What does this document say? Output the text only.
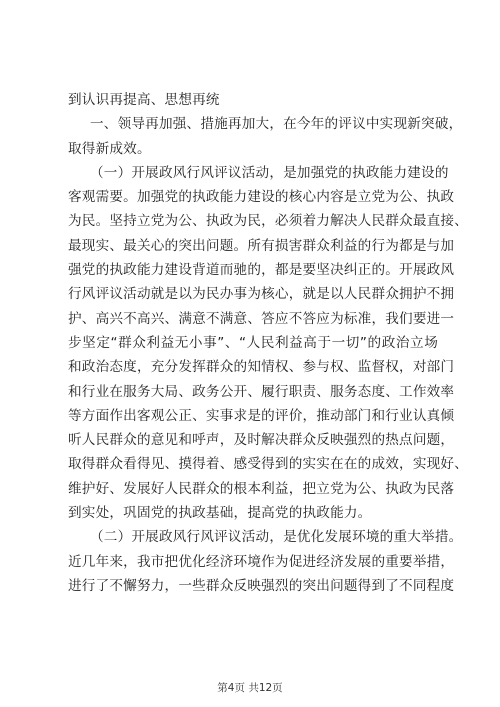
到认识再提高、思想再统
一、领导再加强、措施再加大，在今年的评议中实现新突破，
取得新成效。
（一）开展政风行风评议活动，是加强党的执政能力建设的
客观需要。加强党的执政能力建设的核心内容是立党为公、执政
为民。坚持立党为公、执政为民，必须着力解决人民群众最直接、
最现实、最关心的突出问题。所有损害群众利益的行为都是与加
强党的执政能力建设背道而驰的，都是要坚决纠正的。开展政风
行风评议活动就是以为民办事为核心，就是以人民群众拥护不拥
护、高兴不高兴、满意不满意、答应不答应为标准，我们要进一
步坚定“群众利益无小事”、“人民利益高于一切”的政治立场
和政治态度，充分发挥群众的知情权、参与权、监督权，对部门
和行业在服务大局、政务公开、履行职责、服务态度、工作效率
等方面作出客观公正、实事求是的评价，推动部门和行业认真倾
听人民群众的意见和呼声，及时解决群众反映强烈的热点问题，
取得群众看得见、摸得着、感受得到的实实在在的成效，实现好、
维护好、发展好人民群众的根本利益，把立党为公、执政为民落
到实处，巩固党的执政基础，提高党的执政能力。
（二）开展政风行风评议活动，是优化发展环境的重大举措。
近几年来，我市把优化经济环境作为促进经济发展的重要举措，
进行了不懈努力，一些群众反映强烈的突出问题得到了不同程度
第4页 共12页
